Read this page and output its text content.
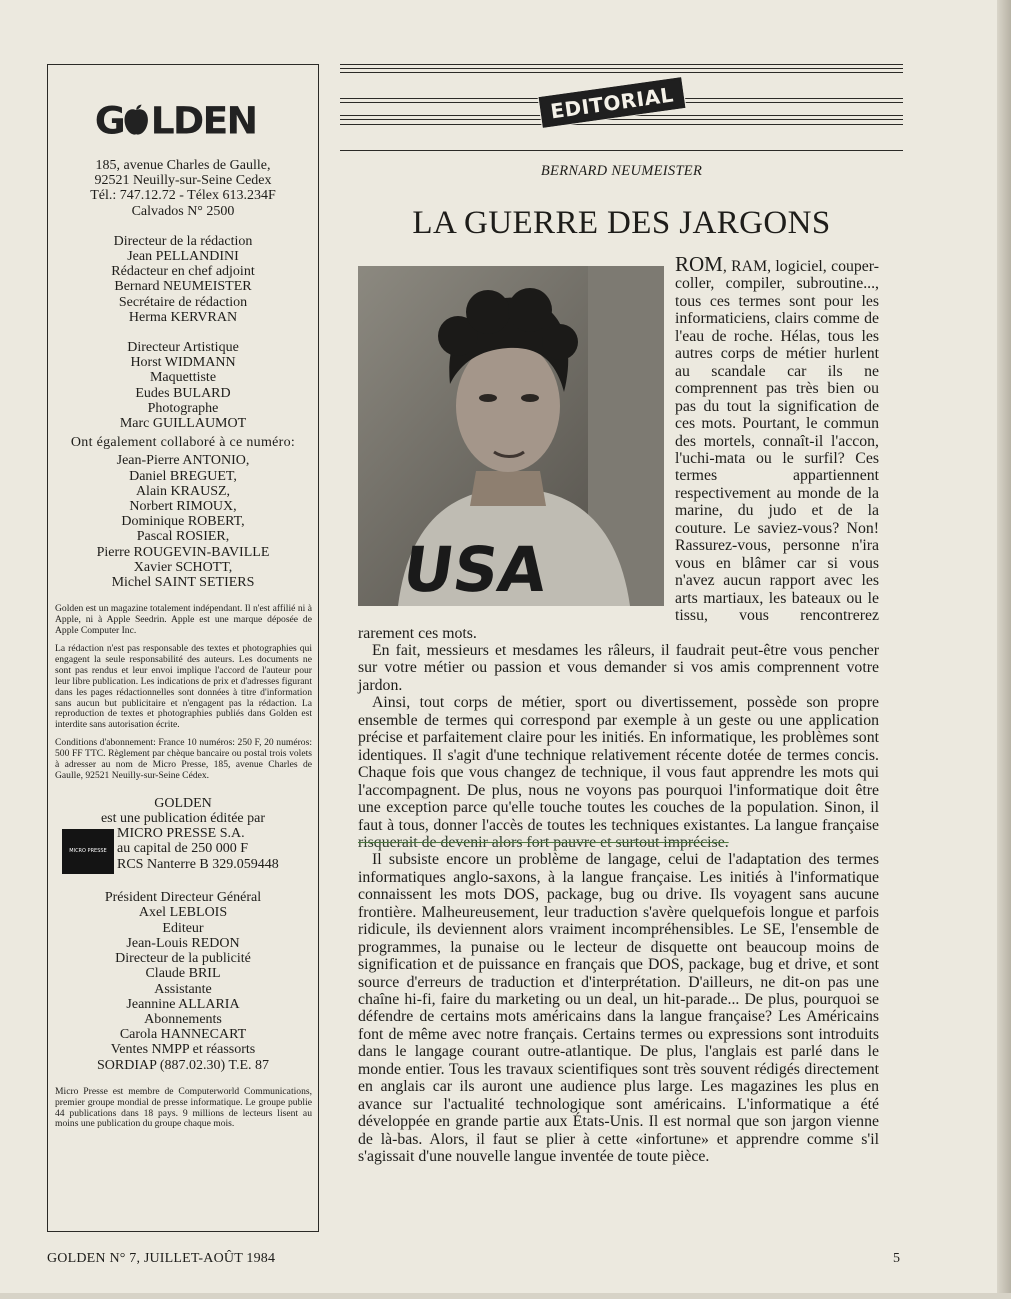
G LDEN
185, avenue Charles de Gaulle,
92521 Neuilly-sur-Seine Cedex
Tél.: 747.12.72 - Télex 613.234F
Calvados N° 2500
Directeur de la rédaction
Jean PELLANDINI
Rédacteur en chef adjoint
Bernard NEUMEISTER
Secrétaire de rédaction
Herma KERVRAN
Directeur Artistique
Horst WIDMANN
Maquettiste
Eudes BULARD
Photographe
Marc GUILLAUMOT
Ont également collaboré à ce numéro:
Jean-Pierre ANTONIO,
Daniel BREGUET,
Alain KRAUSZ,
Norbert RIMOUX,
Dominique ROBERT,
Pascal ROSIER,
Pierre ROUGEVIN-BAVILLE
Xavier SCHOTT,
Michel SAINT SETIERS
Golden est un magazine totalement indépendant. Il n'est affilié ni à Apple, ni à Apple Seedrin. Apple est une marque déposée de Apple Computer Inc.
La rédaction n'est pas responsable des textes et photographies qui engagent la seule responsabilité des auteurs. Les documents ne sont pas rendus et leur envoi implique l'accord de l'auteur pour leur libre publication. Les indications de prix et d'adresses figurant dans les pages rédactionnelles sont données à titre d'information sans aucun but publicitaire et n'engagent pas la rédaction. La reproduction de textes et photographies publiés dans Golden est interdite sans autorisation écrite.
Conditions d'abonnement: France 10 numéros: 250 F, 20 numéros: 500 FF TTC. Règlement par chèque bancaire ou postal trois volets à adresser au nom de Micro Presse, 185, avenue Charles de Gaulle, 92521 Neuilly-sur-Seine Cédex.
GOLDEN
est une publication éditée par
MICRO PRESSE
MICRO PRESSE S.A.
au capital de 250 000 F
RCS Nanterre B 329.059448
Président Directeur Général
Axel LEBLOIS
Editeur
Jean-Louis REDON
Directeur de la publicité
Claude BRIL
Assistante
Jeannine ALLARIA
Abonnements
Carola HANNECART
Ventes NMPP et réassorts
SORDIAP (887.02.30) T.E. 87
Micro Presse est membre de Computerworld Communications, premier groupe mondial de presse informatique. Le groupe publie 44 publications dans 18 pays. 9 millions de lecteurs lisent au moins une publication du groupe chaque mois.
EDITORIAL
BERNARD NEUMEISTER
LA GUERRE DES JARGONS
USA

ROM, RAM, logiciel, couper-coller, compiler, subroutine..., tous ces termes sont pour les informaticiens, clairs comme de l'eau de roche. Hélas, tous les autres corps de métier hurlent au scandale car ils ne comprennent pas très bien ou pas du tout la signification de ces mots. Pourtant, le commun des mortels, connaît-il l'accon, l'uchi-mata ou le surfil? Ces termes appartiennent respectivement au monde de la marine, du judo et de la couture. Le saviez-vous? Non! Rassurez-vous, personne n'ira vous en blâmer car si vous n'avez aucun rapport avec les arts martiaux, les bateaux ou le tissu, vous rencontrerez rarement ces mots.

En fait, messieurs et mesdames les râleurs, il faudrait peut-être vous pencher sur votre métier ou passion et vous demander si vos amis comprennent votre jardon.

Ainsi, tout corps de métier, sport ou divertissement, possède son propre ensemble de termes qui correspond par exemple à un geste ou une application précise et parfaitement claire pour les initiés. En informatique, les problèmes sont identiques. Il s'agit d'une technique relativement récente dotée de termes concis. Chaque fois que vous changez de technique, il vous faut apprendre les mots qui l'accompagnent. De plus, nous ne voyons pas pourquoi l'informatique doit être une exception parce qu'elle touche toutes les couches de la population. Sinon, il faut à tous, donner l'accès de toutes les techniques existantes. La langue française risquerait de devenir alors fort pauvre et surtout imprécise.

Il subsiste encore un problème de langage, celui de l'adaptation des termes informatiques anglo-saxons, à la langue française. Les initiés à l'informatique connaissent les mots DOS, package, bug ou drive. Ils voyagent sans aucune frontière. Malheureusement, leur traduction s'avère quelquefois longue et parfois ridicule, ils deviennent alors vraiment incompréhensibles. Le SE, l'ensemble de programmes, la punaise ou le lecteur de disquette ont beaucoup moins de signification et de puissance en français que DOS, package, bug et drive, et sont source d'erreurs de traduction et d'interprétation. D'ailleurs, ne dit-on pas une chaîne hi-fi, faire du marketing ou un deal, un hit-parade... De plus, pourquoi se défendre de certains mots américains dans la langue française? Les Américains font de même avec notre français. Certains termes ou expressions sont introduits dans le langage courant outre-atlantique. De plus, l'anglais est parlé dans le monde entier. Tous les travaux scientifiques sont très souvent rédigés directement en anglais car ils auront une audience plus large. Les magazines les plus en avance sur l'actualité technologique sont américains. L'informatique a été développée en grande partie aux États-Unis. Il est normal que son jargon vienne de là-bas. Alors, il faut se plier à cette «infortune» et apprendre comme s'il s'agissait d'une nouvelle langue inventée de toute pièce.

GOLDEN N° 7, JUILLET-AOÛT 1984	5
